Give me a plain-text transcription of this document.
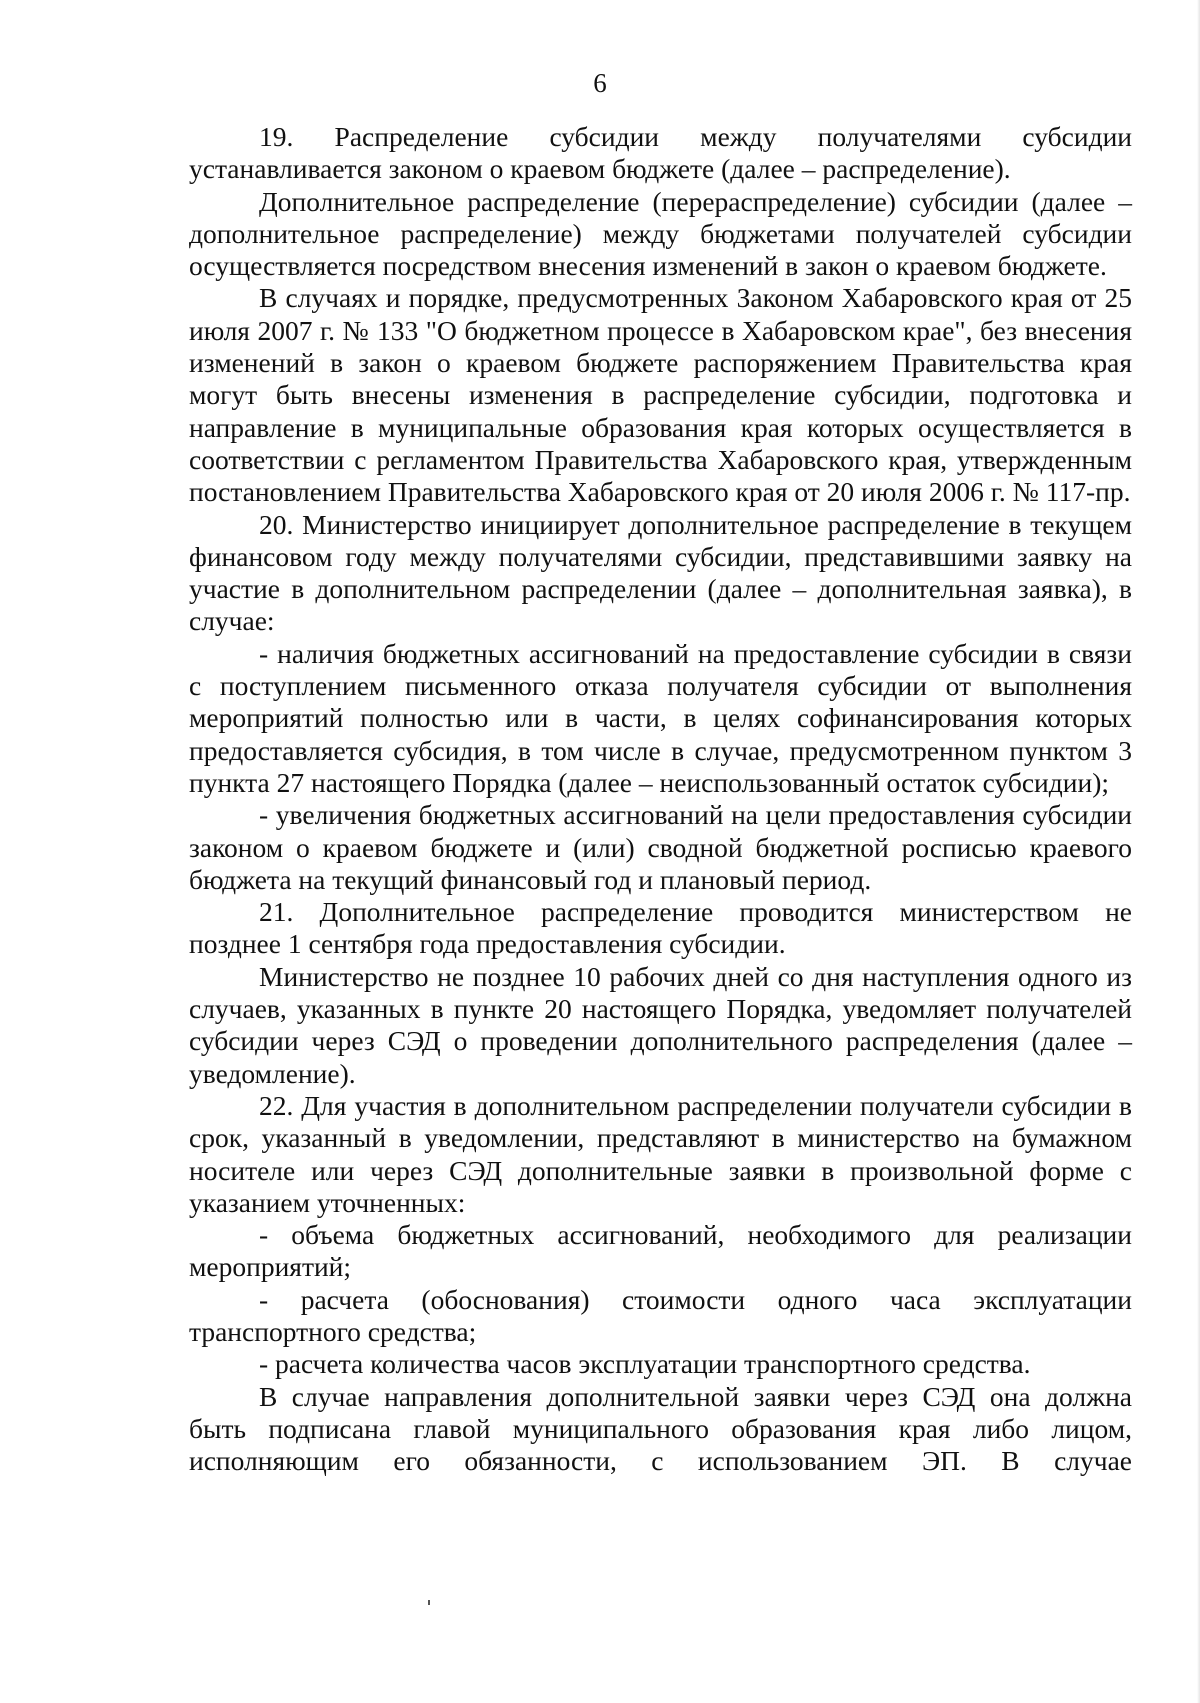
6

19. Распределение субсидии между получателями субсидии устанавливается законом о краевом бюджете (далее – распределение).

Дополнительное распределение (перераспределение) субсидии (далее – дополнительное распределение) между бюджетами получателей субсидии осуществляется посредством внесения изменений в закон о краевом бюджете.

В случаях и порядке, предусмотренных Законом Хабаровского края от 25 июля 2007 г. № 133 "О бюджетном процессе в Хабаровском крае", без внесения изменений в закон о краевом бюджете распоряжением Правительства края могут быть внесены изменения в распределение субсидии, подготовка и направление в муниципальные образования края которых осуществляется в соответствии с регламентом Правительства Хабаровского края, утвержденным постановлением Правительства Хабаровского края от 20 июля 2006 г. № 117-пр.

20. Министерство инициирует дополнительное распределение в текущем финансовом году между получателями субсидии, представившими заявку на участие в дополнительном распределении (далее – дополнительная заявка), в случае:

- наличия бюджетных ассигнований на предоставление субсидии в связи с поступлением письменного отказа получателя субсидии от выполнения мероприятий полностью или в части, в целях софинансирования которых предоставляется субсидия, в том числе в случае, предусмотренном пунктом 3 пункта 27 настоящего Порядка (далее – неиспользованный остаток субсидии);

- увеличения бюджетных ассигнований на цели предоставления субсидии законом о краевом бюджете и (или) сводной бюджетной росписью краевого бюджета на текущий финансовый год и плановый период.

21. Дополнительное распределение проводится министерством не позднее 1 сентября года предоставления субсидии.

Министерство не позднее 10 рабочих дней со дня наступления одного из случаев, указанных в пункте 20 настоящего Порядка, уведомляет получателей субсидии через СЭД о проведении дополнительного распределения (далее – уведомление).

22. Для участия в дополнительном распределении получатели субсидии в срок, указанный в уведомлении, представляют в министерство на бумажном носителе или через СЭД дополнительные заявки в произвольной форме с указанием уточненных:

- объема бюджетных ассигнований, необходимого для реализации мероприятий;

- расчета (обоснования) стоимости одного часа эксплуатации транспортного средства;

- расчета количества часов эксплуатации транспортного средства.

В случае направления дополнительной заявки через СЭД она должна быть подписана главой муниципального образования края либо лицом, исполняющим его обязанности, с использованием ЭП. В случае
